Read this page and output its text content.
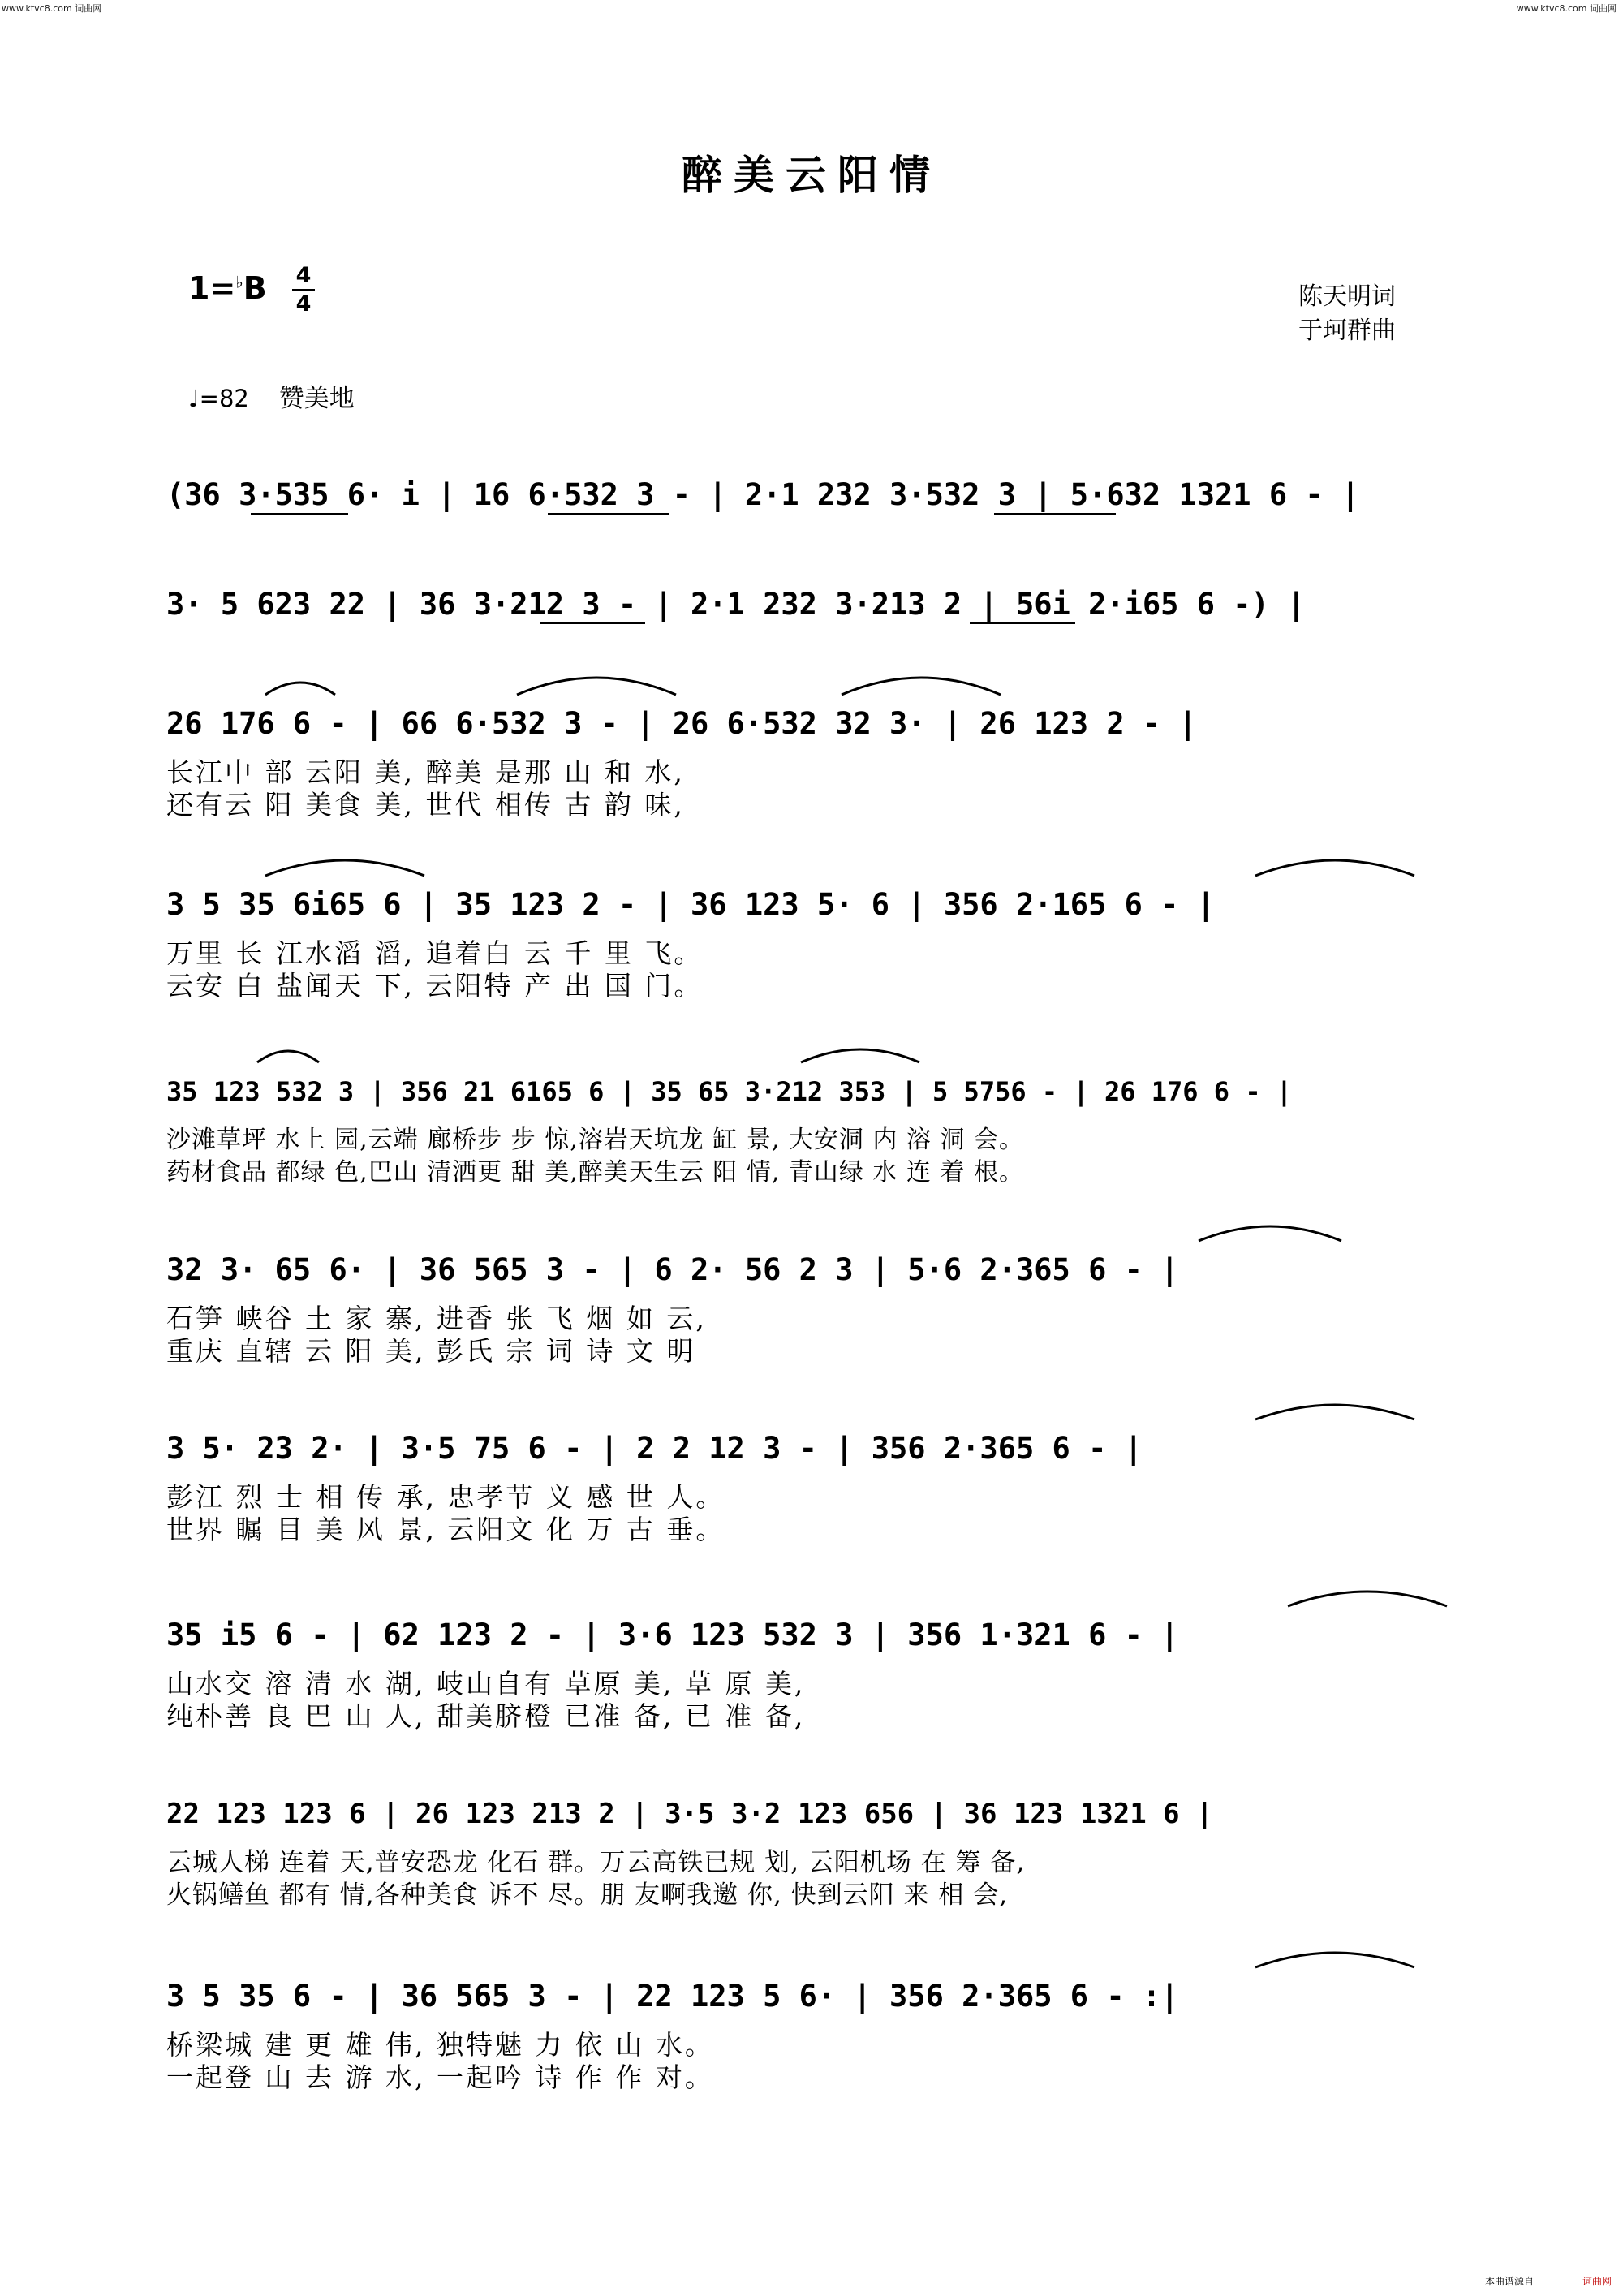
www.ktvc8.com 词曲网	www.ktvc8.com 词曲网
醉美云阳情
1=♭B 4
4	陈天明词
于珂群曲
♩=82 赞美地
(36 3·535 6· i | 16 6·532 3 - | 2·1 232 3·532 3 | 5·632 1321 6 - |
3· 5 623 22 | 36 3·212 3 - | 2·1 232 3·213 2 | 56i 2·i65 6 -) |
26 176 6 - | 66 6·532 3 - | 26 6·532 32 3· | 26 123 2 - |
长江中 部 云阳 美, 醉美 是那 山 和 水,
还有云 阳 美食 美, 世代 相传 古 韵 味,
3 5 35 6i65 6 | 35 123 2 - | 36 123 5· 6 | 356 2·165 6 - |
万里 长 江水滔 滔, 追着白 云 千 里 飞。
云安 白 盐闻天 下, 云阳特 产 出 国 门。
35 123 532 3 | 356 21 6165 6 | 35 65 3·212 353 | 5 5756 - | 26 176 6 - |
沙滩草坪 水上 园,云端 廊桥步 步 惊,溶岩天坑龙 缸 景, 大安洞 内 溶 洞 会。
药材食品 都绿 色,巴山 清洒更 甜 美,醉美天生云 阳 情, 青山绿 水 连 着 根。
32 3· 65 6· | 36 565 3 - | 6 2· 56 2 3 | 5·6 2·365 6 - |
石笋 峡谷 土 家 寨, 进香 张 飞 烟 如 云,
重庆 直辖 云 阳 美, 彭氏 宗 词 诗 文 明
3 5· 23 2· | 3·5 75 6 - | 2 2 12 3 - | 356 2·365 6 - |
彭江 烈 士 相 传 承, 忠孝节 义 感 世 人。
世界 瞩 目 美 风 景, 云阳文 化 万 古 垂。
35 i5 6 - | 62 123 2 - | 3·6 123 532 3 | 356 1·321 6 - |
山水交 溶 清 水 湖, 岐山自有 草原 美, 草 原 美,
纯朴善 良 巴 山 人, 甜美脐橙 已准 备, 已 准 备,
22 123 123 6 | 26 123 213 2 | 3·5 3·2 123 656 | 36 123 1321 6 |
云城人梯 连着 天,普安恐龙 化石 群。万云高铁已规 划, 云阳机场 在 筹 备,
火锅鳝鱼 都有 情,各种美食 诉不 尽。朋 友啊我邀 你, 快到云阳 来 相 会,
3 5 35 6 - | 36 565 3 - | 22 123 5 6· | 356 2·365 6 - :|
桥梁城 建 更 雄 伟, 独特魅 力 依 山 水。
一起登 山 去 游 水, 一起吟 诗 作 作 对。
本曲谱源自	词曲网
